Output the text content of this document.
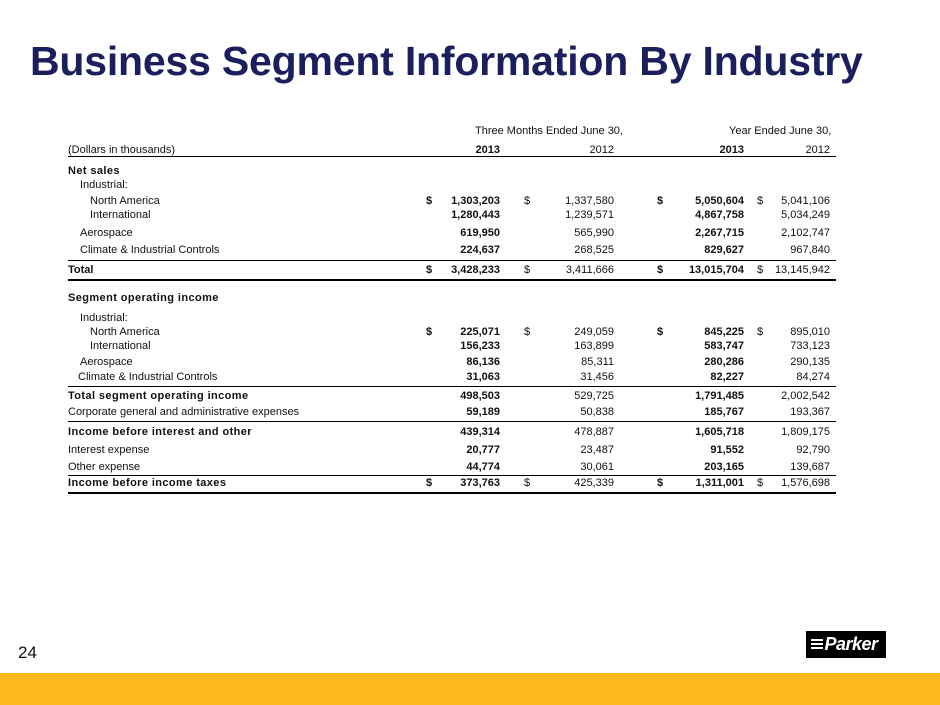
Business Segment Information By Industry
Three Months Ended June 30,	Year Ended June 30,
(Dollars in thousands)	2013	2012	2013	2012
Net sales
Industrial:
North America	$	1,303,203 $	1,337,580	$	5,050,604 $	5,041,106
International	1,280,443	1,239,571	4,867,758	5,034,249
Aerospace	619,950	565,990	2,267,715	2,102,747
Climate & Industrial Controls	224,637	268,525	829,627	967,840
Total	$	3,428,233 $	3,411,666	$	13,015,704 $	13,145,942
Segment operating income
Industrial:
North America	$	225,071 $	249,059	$	845,225 $	895,010
International	156,233	163,899	583,747	733,123
Aerospace	86,136	85,311	280,286	290,135
Climate & Industrial Controls	31,063	31,456	82,227	84,274
Total segment operating income	498,503	529,725	1,791,485	2,002,542
Corporate general and administrative expenses	59,189	50,838	185,767	193,367
Income before interest and other	439,314	478,887	1,605,718	1,809,175
Interest expense	20,777	23,487	91,552	92,790
Other expense	44,774	30,061	203,165	139,687
Income before income taxes	$	373,763 $	425,339	$	1,311,001 $	1,576,698
24	Parker
